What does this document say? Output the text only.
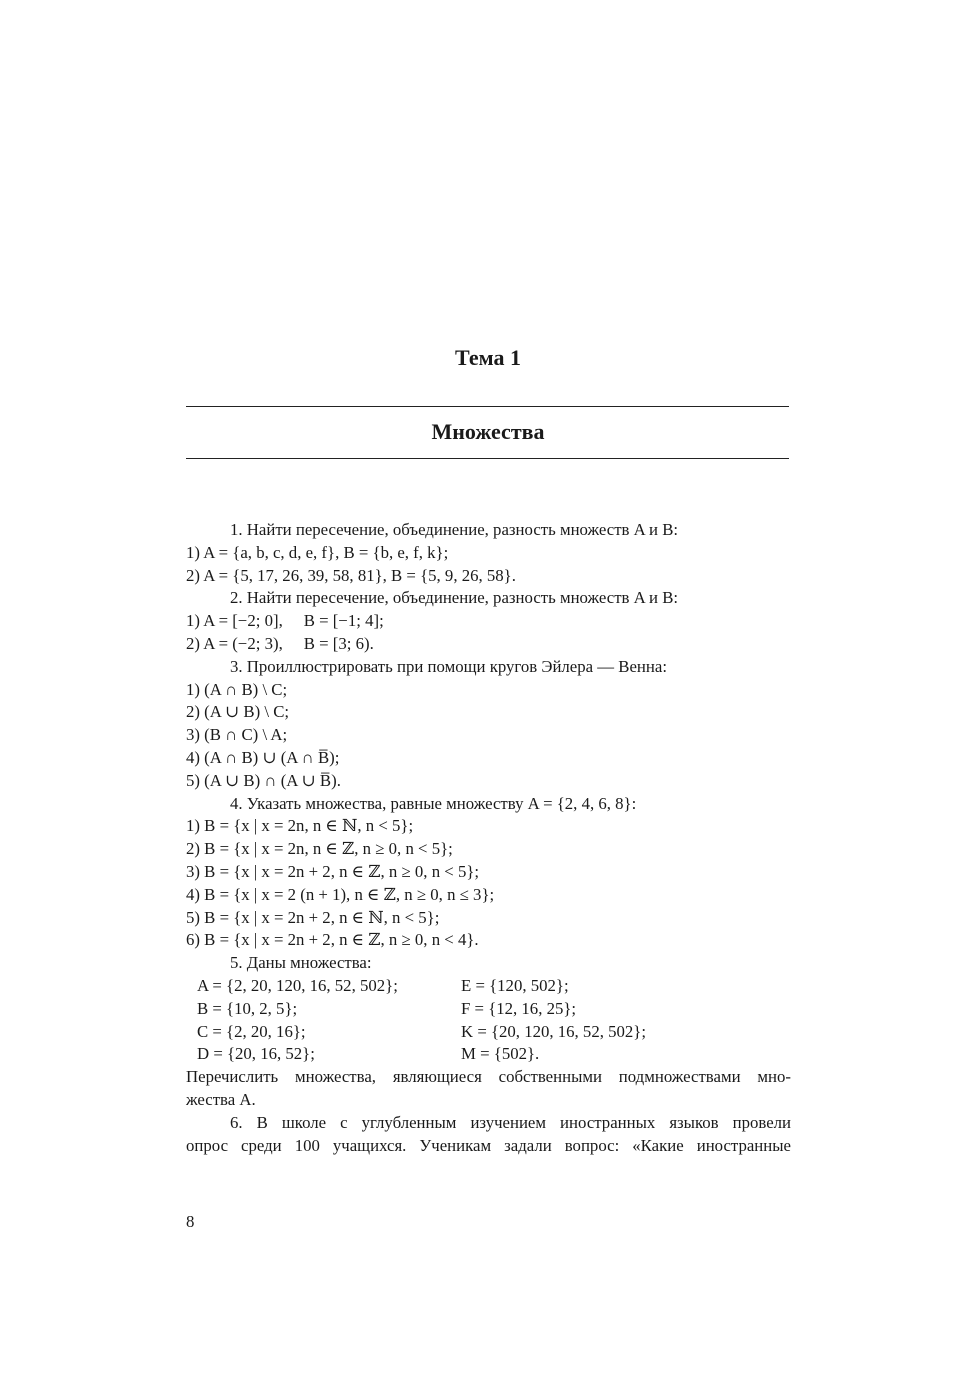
Тема 1
Множества
1. Найти пересечение, объединение, разность множеств A и B:
1) A = {a, b, c, d, e, f}, B = {b, e, f, k};
2) A = {5, 17, 26, 39, 58, 81}, B = {5, 9, 26, 58}.
2. Найти пересечение, объединение, разность множеств A и B:
1) A = [−2; 0],     B = [−1; 4];
2) A = (−2; 3),     B = [3; 6).
3. Проиллюстрировать при помощи кругов Эйлера — Венна:
1) (A ∩ B) \ C;
2) (A ∪ B) \ C;
3) (B ∩ C) \ A;
4) (A ∩ B) ∪ (A ∩ B̅);
5) (A ∪ B) ∩ (A ∪ B̅).
4. Указать множества, равные множеству A = {2, 4, 6, 8}:
1) B = {x | x = 2n, n ∈ ℕ, n < 5};
2) B = {x | x = 2n, n ∈ ℤ, n ≥ 0, n < 5};
3) B = {x | x = 2n + 2, n ∈ ℤ, n ≥ 0, n < 5};
4) B = {x | x = 2 (n + 1), n ∈ ℤ, n ≥ 0, n ≤ 3};
5) B = {x | x = 2n + 2, n ∈ ℕ, n < 5};
6) B = {x | x = 2n + 2, n ∈ ℤ, n ≥ 0, n < 4}.
5. Даны множества:
A = {2, 20, 120, 16, 52, 502};	E = {120, 502};
B = {10, 2, 5};	F = {12, 16, 25};
C = {2, 20, 16};	K = {20, 120, 16, 52, 502};
D = {20, 16, 52};	M = {502}.
Перечислить множества, являющиеся собственными подмножествами мно-
жества A.
6. В школе с углубленным изучением иностранных языков провели
опрос среди 100 учащихся. Ученикам задали вопрос: «Какие иностранные
8
